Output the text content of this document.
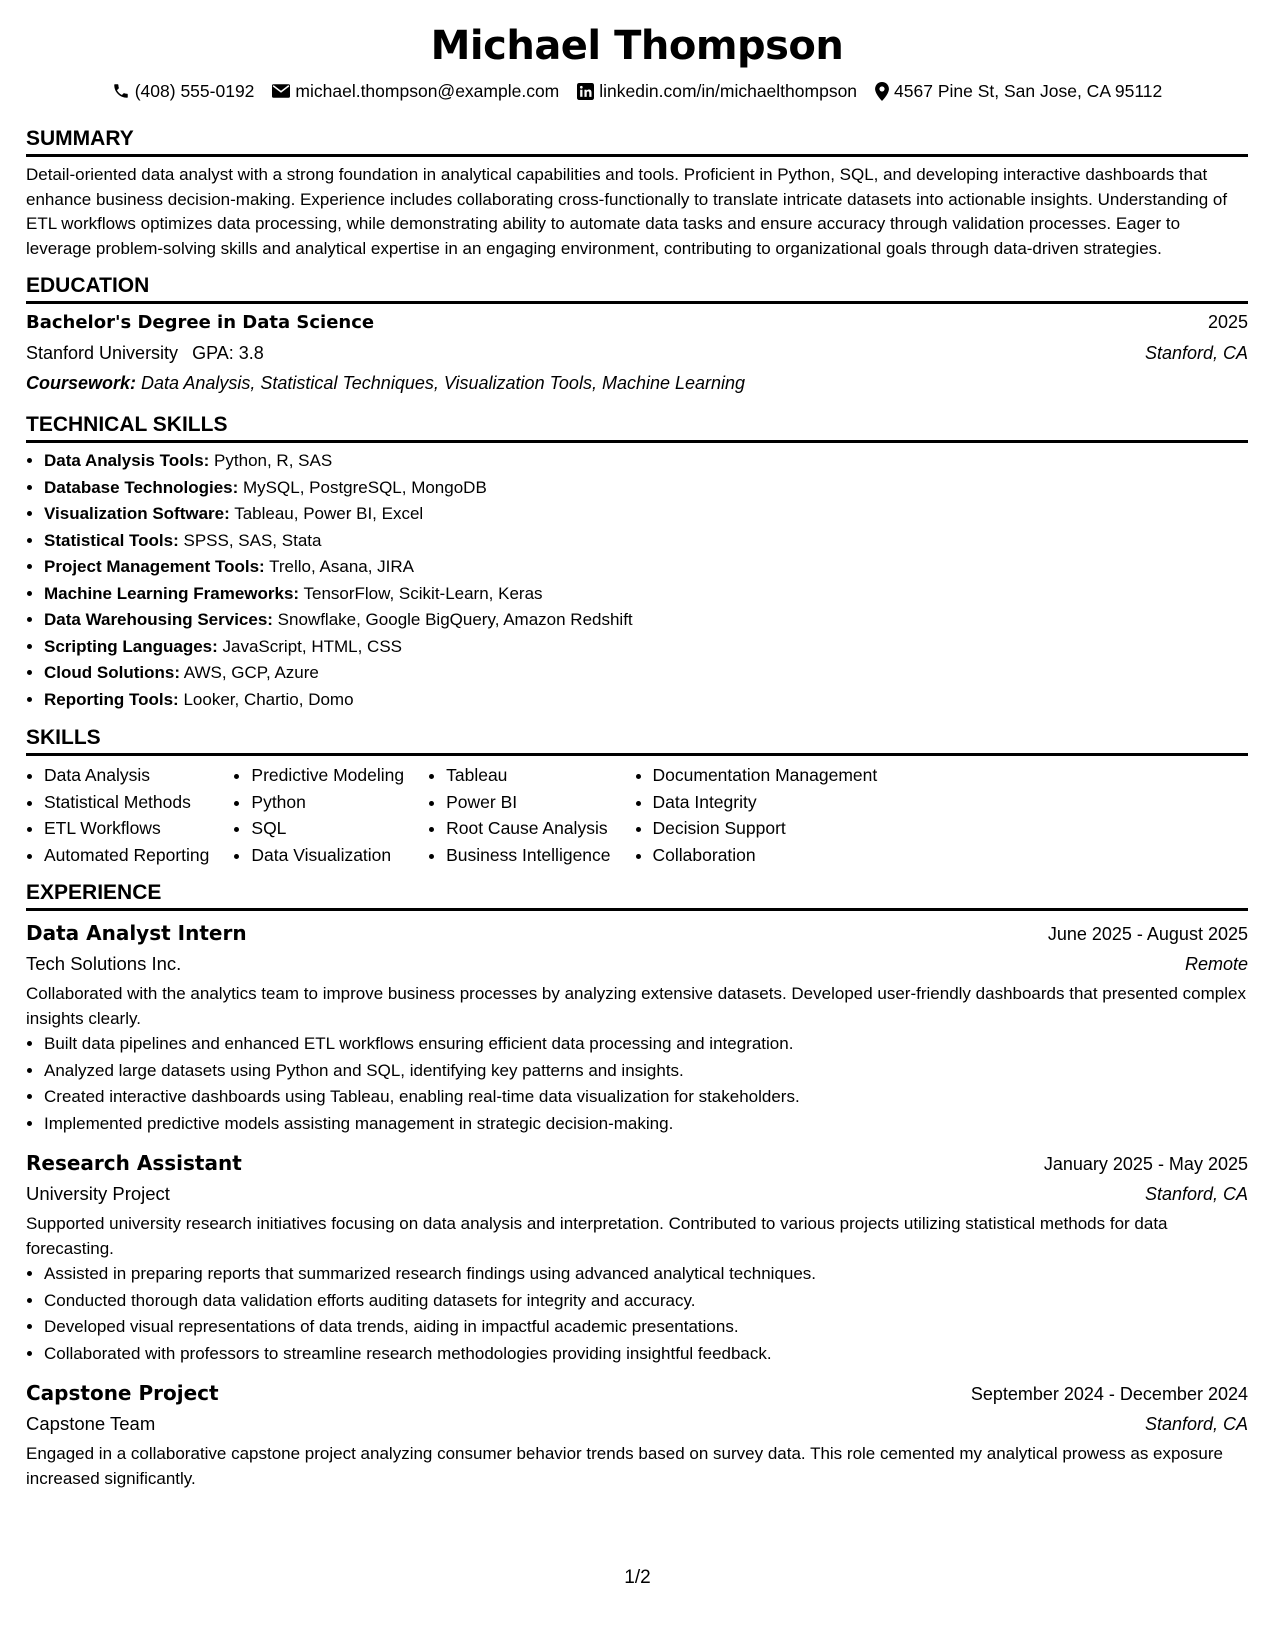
Michael Thompson
(408) 555-0192 michael.thompson@example.com linkedin.com/in/michaelthompson 4567 Pine St, San Jose, CA 95112
SUMMARY

Detail-oriented data analyst with a strong foundation in analytical capabilities and tools. Proficient in Python, SQL, and developing interactive dashboards that enhance business decision-making. Experience includes collaborating cross-functionally to translate intricate datasets into actionable insights. Understanding of ETL workflows optimizes data processing, while demonstrating ability to automate data tasks and ensure accuracy through validation processes. Eager to leverage problem-solving skills and analytical expertise in an engaging environment, contributing to organizational goals through data-driven strategies.

EDUCATION
Bachelor's Degree in Data Science	2025
Stanford University GPA: 3.8	Stanford, CA
Coursework: Data Analysis, Statistical Techniques, Visualization Tools, Machine Learning
TECHNICAL SKILLS
• Data Analysis Tools: Python, R, SAS
• Database Technologies: MySQL, PostgreSQL, MongoDB
• Visualization Software: Tableau, Power BI, Excel
• Statistical Tools: SPSS, SAS, Stata
• Project Management Tools: Trello, Asana, JIRA
• Machine Learning Frameworks: TensorFlow, Scikit-Learn, Keras
• Data Warehousing Services: Snowflake, Google BigQuery, Amazon Redshift
• Scripting Languages: JavaScript, HTML, CSS
• Cloud Solutions: AWS, GCP, Azure
• Reporting Tools: Looker, Chartio, Domo
SKILLS
• Data Analysis
• Statistical Methods
• ETL Workflows
• Automated Reporting
• Predictive Modeling
• Python
• SQL
• Data Visualization
• Tableau
• Power BI
• Root Cause Analysis
• Business Intelligence
• Documentation Management
• Data Integrity
• Decision Support
• Collaboration
EXPERIENCE
Data Analyst Intern	June 2025 - August 2025
Tech Solutions Inc.	Remote
Collaborated with the analytics team to improve business processes by analyzing extensive datasets. Developed user-friendly dashboards that presented complex insights clearly.
• Built data pipelines and enhanced ETL workflows ensuring efficient data processing and integration.
• Analyzed large datasets using Python and SQL, identifying key patterns and insights.
• Created interactive dashboards using Tableau, enabling real-time data visualization for stakeholders.
• Implemented predictive models assisting management in strategic decision-making.
Research Assistant	January 2025 - May 2025
University Project	Stanford, CA
Supported university research initiatives focusing on data analysis and interpretation. Contributed to various projects utilizing statistical methods for data forecasting.
• Assisted in preparing reports that summarized research findings using advanced analytical techniques.
• Conducted thorough data validation efforts auditing datasets for integrity and accuracy.
• Developed visual representations of data trends, aiding in impactful academic presentations.
• Collaborated with professors to streamline research methodologies providing insightful feedback.
Capstone Project	September 2024 - December 2024
Capstone Team	Stanford, CA
Engaged in a collaborative capstone project analyzing consumer behavior trends based on survey data. This role cemented my analytical prowess as exposure increased significantly.
1/2
